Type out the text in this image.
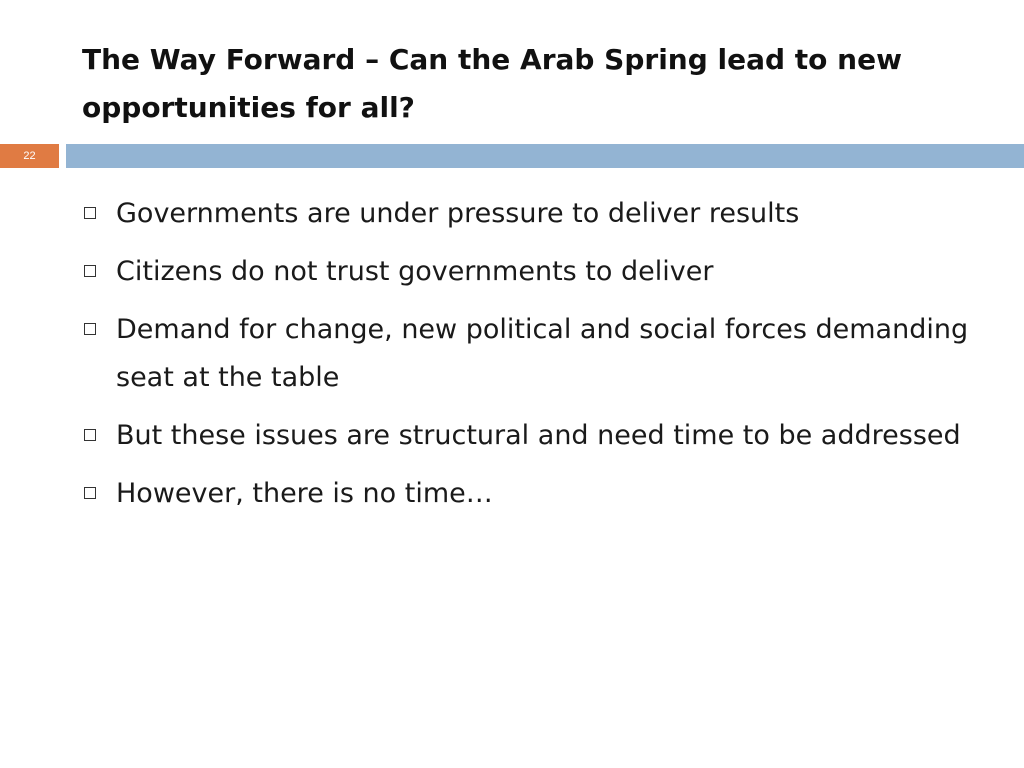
The Way Forward – Can the Arab Spring lead to new opportunities for all?
22
Governments are under pressure to deliver results
Citizens do not trust governments to deliver
Demand for change, new political and social forces demanding seat at the table
But these issues are structural and need time to be addressed
However, there is no time…
